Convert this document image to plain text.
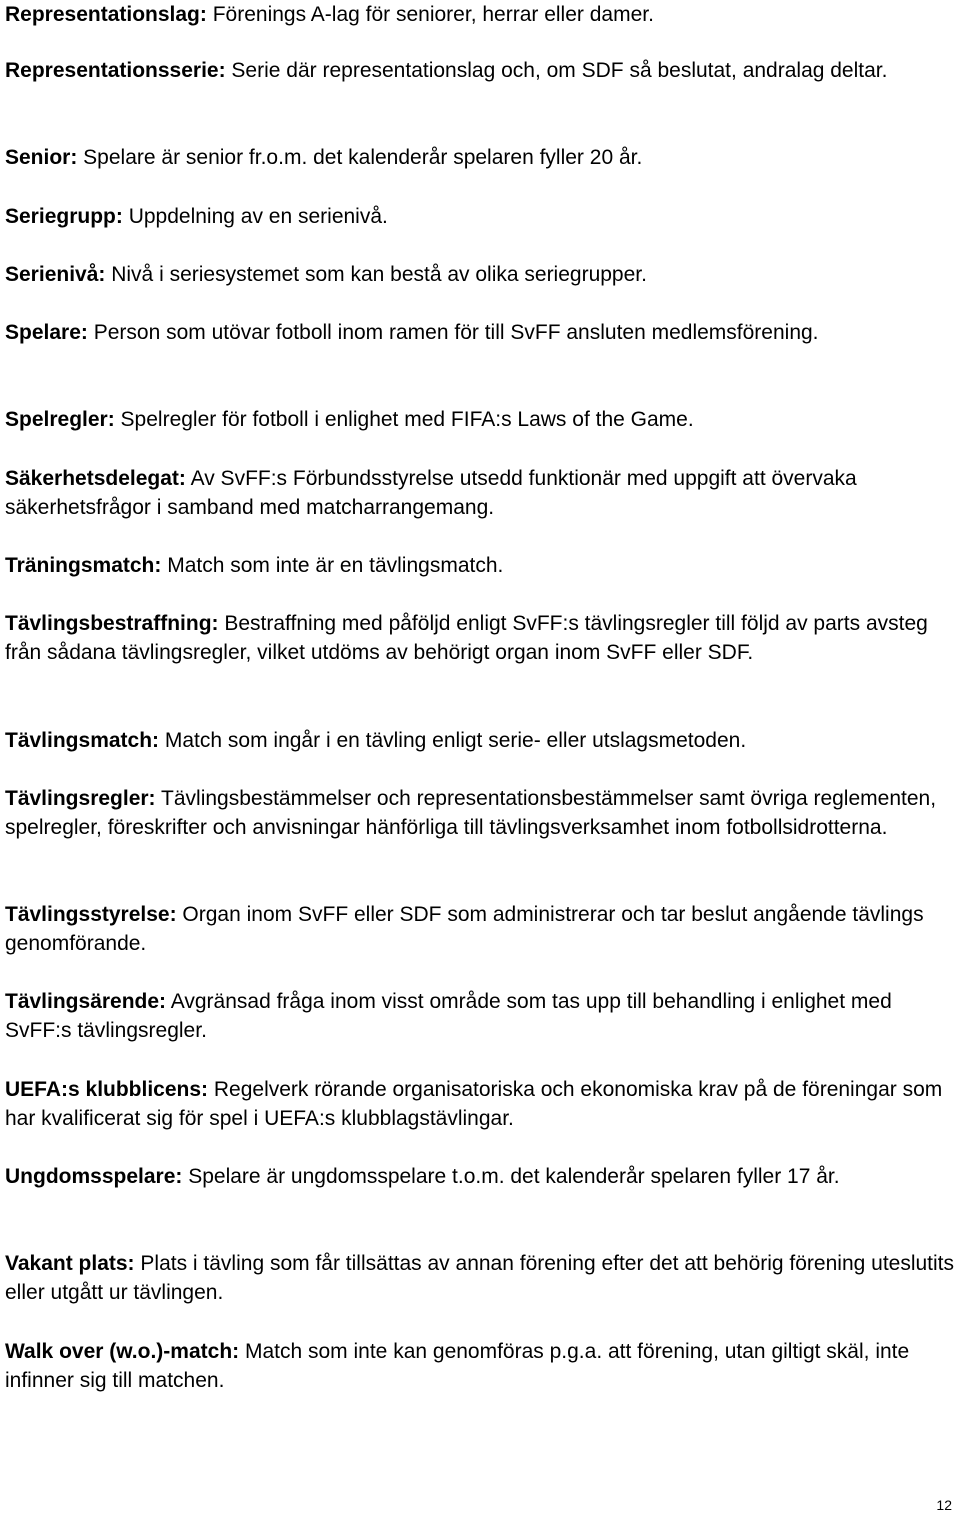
Representationslag: Förenings A-lag för seniorer, herrar eller damer.

Representationsserie: Serie där representationslag och, om SDF så beslutat, andralag deltar.

Senior: Spelare är senior fr.o.m. det kalenderår spelaren fyller 20 år.

Seriegrupp: Uppdelning av en serienivå.

Serienivå: Nivå i seriesystemet som kan bestå av olika seriegrupper.

Spelare: Person som utövar fotboll inom ramen för till SvFF ansluten medlemsförening.

Spelregler: Spelregler för fotboll i enlighet med FIFA:s Laws of the Game.

Säkerhetsdelegat: Av SvFF:s Förbundsstyrelse utsedd funktionär med uppgift att övervaka säkerhetsfrågor i samband med matcharrangemang.

Träningsmatch: Match som inte är en tävlingsmatch.

Tävlingsbestraffning: Bestraffning med påföljd enligt SvFF:s tävlingsregler till följd av parts avsteg från sådana tävlingsregler, vilket utdöms av behörigt organ inom SvFF eller SDF.

Tävlingsmatch: Match som ingår i en tävling enligt serie- eller utslagsmetoden.

Tävlingsregler: Tävlingsbestämmelser och representationsbestämmelser samt övriga reglementen, spelregler, föreskrifter och anvisningar hänförliga till tävlingsverksamhet inom fotbollsidrotterna.

Tävlingsstyrelse: Organ inom SvFF eller SDF som administrerar och tar beslut angående tävlings genomförande.

Tävlingsärende: Avgränsad fråga inom visst område som tas upp till behandling i enlighet med SvFF:s tävlingsregler.

UEFA:s klubblicens: Regelverk rörande organisatoriska och ekonomiska krav på de föreningar som har kvalificerat sig för spel i UEFA:s klubblagstävlingar.

Ungdomsspelare: Spelare är ungdomsspelare t.o.m. det kalenderår spelaren fyller 17 år.

Vakant plats: Plats i tävling som får tillsättas av annan förening efter det att behörig förening uteslutits eller utgått ur tävlingen.

Walk over (w.o.)-match: Match som inte kan genomföras p.g.a. att förening, utan giltigt skäl, inte infinner sig till matchen.

12
